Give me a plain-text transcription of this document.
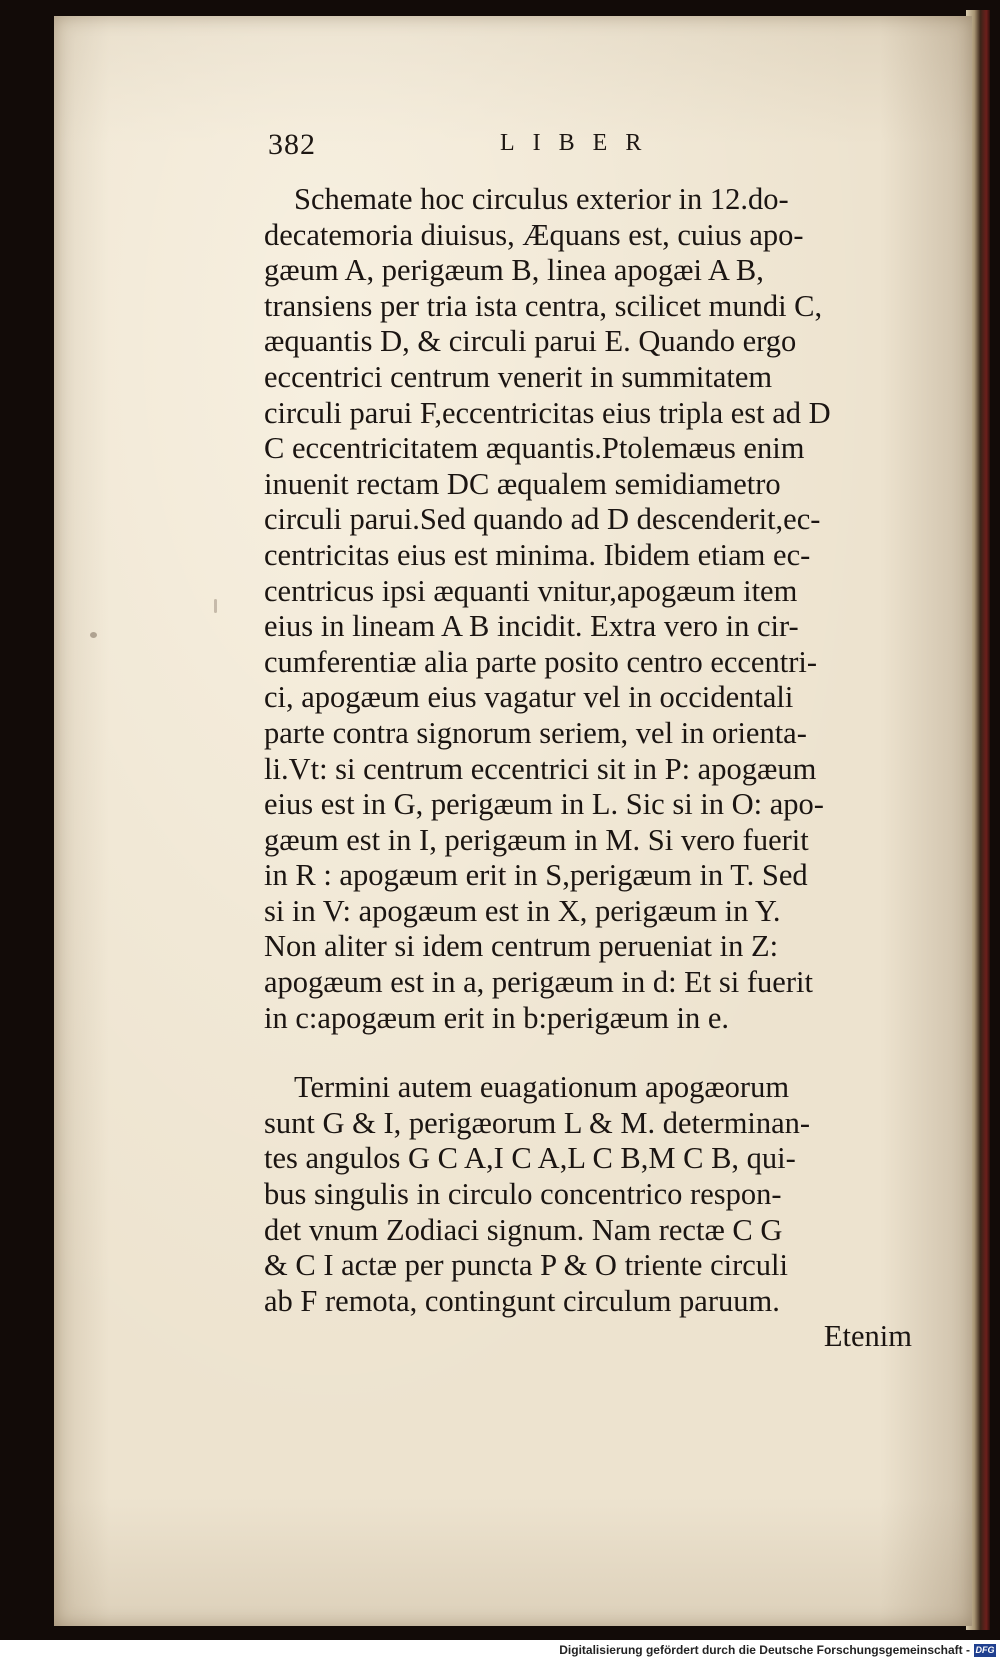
382	LIBER
Schemate hoc circulus exterior in 12.do-
decatemoria diuisus, Æquans est, cuius apo-
gæum A, perigæum B, linea apogæi A B,
transiens per tria ista centra, scilicet mundi C,
æquantis D, & circuli parui E. Quando ergo
eccentrici centrum venerit in summitatem
circuli parui F,eccentricitas eius tripla est ad D
C eccentricitatem æquantis.Ptolemæus enim
inuenit rectam DC æqualem semidiametro
circuli parui.Sed quando ad D descenderit,ec-
centricitas eius est minima. Ibidem etiam ec-
centricus ipsi æquanti vnitur,apogæum item
eius in lineam A B incidit. Extra vero in cir-
cumferentiæ alia parte posito centro eccentri-
ci, apogæum eius vagatur vel in occidentali
parte contra signorum seriem, vel in orienta-
li.Vt: si centrum eccentrici sit in P: apogæum
eius est in G, perigæum in L. Sic si in O: apo-
gæum est in I, perigæum in M. Si vero fuerit
in R : apogæum erit in S,perigæum in T. Sed
si in V: apogæum est in X, perigæum in Y.
Non aliter si idem centrum perueniat in Z:
apogæum est in a, perigæum in d: Et si fuerit
in c:apogæum erit in b:perigæum in e.
Termini autem euagationum apogæorum
sunt G & I, perigæorum L & M. determinan-
tes angulos G C A,I C A,L C B,M C B, qui-
bus singulis in circulo concentrico respon-
det vnum Zodiaci signum. Nam rectæ C G
& C I actæ per puncta P & O triente circuli
ab F remota, contingunt circulum paruum.
Etenim
Digitalisierung gefördert durch die Deutsche Forschungsgemeinschaft - DFG
